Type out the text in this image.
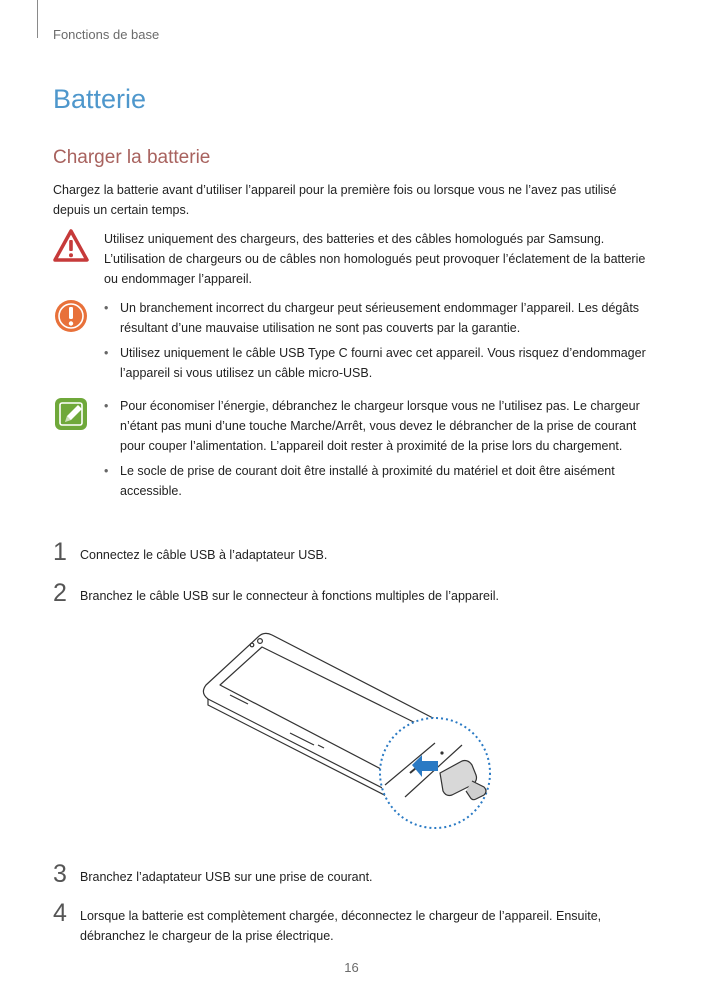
Fonctions de base
Batterie
Charger la batterie

Chargez la batterie avant d’utiliser l’appareil pour la première fois ou lorsque vous ne l’avez pas utilisé depuis un certain temps.

Utilisez uniquement des chargeurs, des batteries et des câbles homologués par Samsung. L’utilisation de chargeurs ou de câbles non homologués peut provoquer l’éclatement de la batterie ou endommager l’appareil.

• Un branchement incorrect du chargeur peut sérieusement endommager l’appareil. Les dégâts résultant d’une mauvaise utilisation ne sont pas couverts par la garantie.
• Utilisez uniquement le câble USB Type C fourni avec cet appareil. Vous risquez d’endommager l’appareil si vous utilisez un câble micro-USB.
• Pour économiser l’énergie, débranchez le chargeur lorsque vous ne l’utilisez pas. Le chargeur n’étant pas muni d’une touche Marche/Arrêt, vous devez le débrancher de la prise de courant pour couper l’alimentation. L’appareil doit rester à proximité de la prise lors du chargement.
• Le socle de prise de courant doit être installé à proximité du matériel et doit être aisément accessible.
1 Connectez le câble USB à l’adaptateur USB.
2 Branchez le câble USB sur le connecteur à fonctions multiples de l’appareil.
3 Branchez l’adaptateur USB sur une prise de courant.
4 Lorsque la batterie est complètement chargée, déconnectez le chargeur de l’appareil. Ensuite, débranchez le chargeur de la prise électrique.
16
